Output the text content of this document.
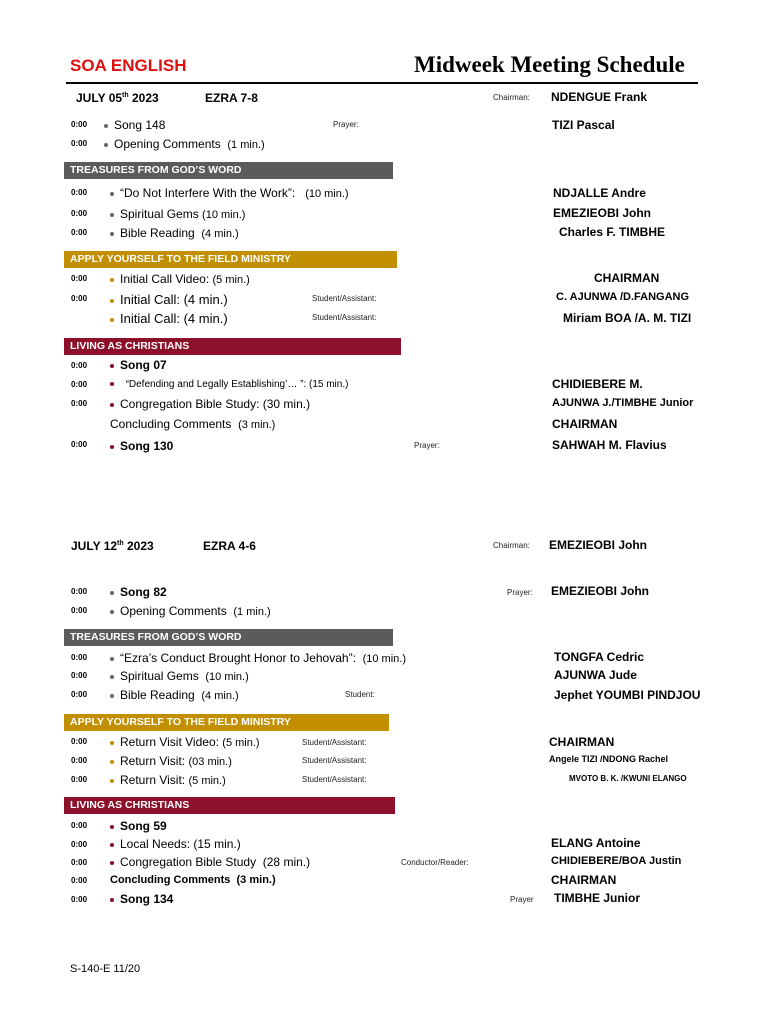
SOA ENGLISH	Midweek Meeting Schedule
JULY 05th 2023	EZRA 7-8	Chairman: NDENGUE Frank
0:00	Song 148	Prayer:	TIZI Pascal
0:00	Opening Comments (1 min.)
TREASURES FROM GOD’S WORD
0:00	“Do Not Interfere With the Work”: (10 min.)	NDJALLE Andre
0:00	Spiritual Gems (10 min.)	EMEZIEOBI John
0:00	Bible Reading (4 min.)	Charles F. TIMBHE
APPLY YOURSELF TO THE FIELD MINISTRY
0:00	Initial Call Video: (5 min.)	CHAIRMAN
0:00	Initial Call: (4 min.)	Student/Assistant:	C. AJUNWA /D.FANGANG
Initial Call: (4 min.)	Student/Assistant:	Miriam BOA /A. M. TIZI
LIVING AS CHRISTIANS
0:00	Song 07
0:00	“Defending and Legally Establishing’… ”: (15 min.)	CHIDIEBERE M.
0:00	Congregation Bible Study: (30 min.)	AJUNWA J./TIMBHE Junior
Concluding Comments (3 min.)	CHAIRMAN
0:00	Song 130	Prayer:	SAHWAH M. Flavius
JULY 12th 2023	EZRA 4-6	Chairman: EMEZIEOBI John
0:00	Song 82	Prayer: EMEZIEOBI John
0:00	Opening Comments (1 min.)
TREASURES FROM GOD’S WORD
0:00	“Ezra’s Conduct Brought Honor to Jehovah”: (10 min.)	TONGFA Cedric
0:00	Spiritual Gems (10 min.)	AJUNWA Jude
0:00	Bible Reading (4 min.)	Student:	Jephet YOUMBI PINDJOU
APPLY YOURSELF TO THE FIELD MINISTRY
0:00	Return Visit Video: (5 min.)	Student/Assistant:	CHAIRMAN
0:00	Return Visit: (03 min.)	Student/Assistant:	Angele TIZI /NDONG Rachel
0:00	Return Visit: (5 min.)	Student/Assistant:	MVOTO B. K. /KWUNI ELANGO
LIVING AS CHRISTIANS
0:00	Song 59
0:00	Local Needs: (15 min.)	ELANG Antoine
0:00	Congregation Bible Study (28 min.)	Conductor/Reader:	CHIDIEBERE/BOA Justin
0:00 Concluding Comments (3 min.)	CHAIRMAN
0:00	Song 134	Prayer TIMBHE Junior
S-140-E 11/20
